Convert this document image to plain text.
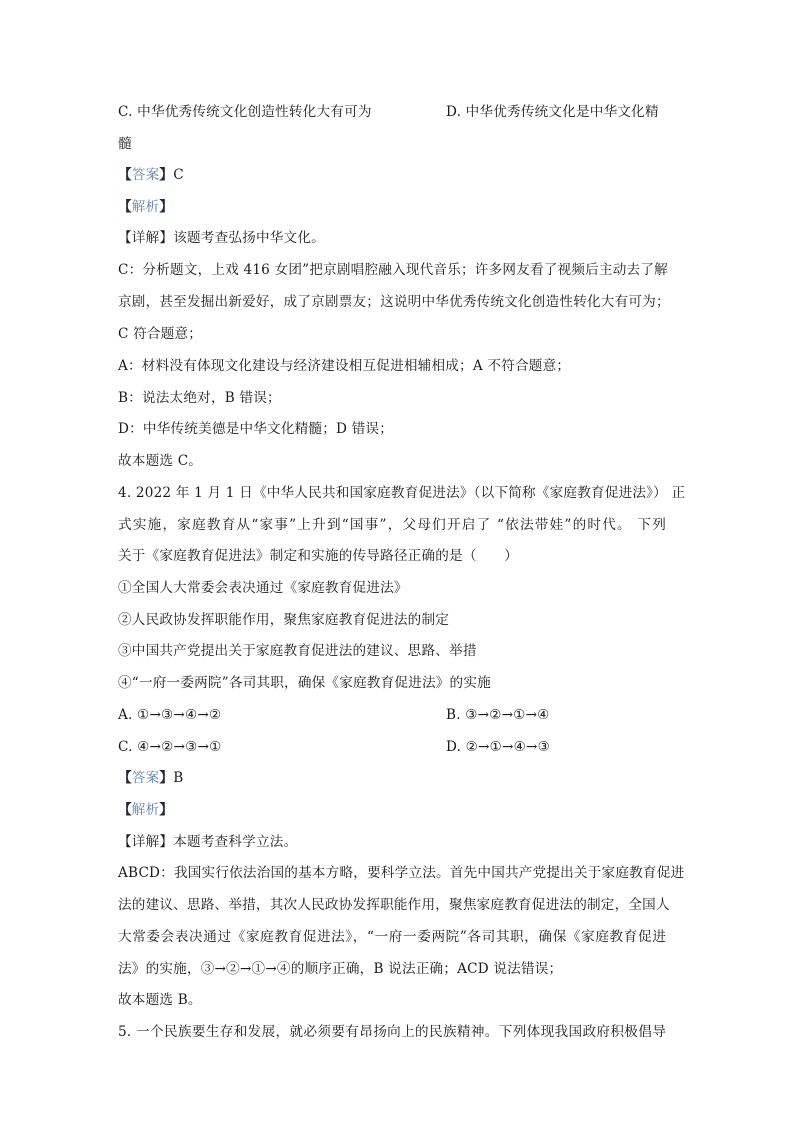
C. 中华优秀传统文化创造性转化大有可为	D. 中华优秀传统文化是中华文化精
髓
【答案】C
【解析】
【详解】该题考查弘扬中华文化。
C：分析题文，上戏 416 女团”把京剧唱腔融入现代音乐；许多网友看了视频后主动去了解
京剧，甚至发掘出新爱好，成了京剧票友；这说明中华优秀传统文化创造性转化大有可为；
C 符合题意；
A：材料没有体现文化建设与经济建设相互促进相辅相成；A 不符合题意；
B：说法太绝对，B 错误；
D：中华传统美德是中华文化精髓；D 错误；
故本题选 C。
4. 2022 年 1 月 1 日《中华人民共和国家庭教育促进法》（以下简称《家庭教育促进法》） 正
式实施，家庭教育从“家事”上升到“国事”，父母们开启了 “依法带娃”的时代。 下列
关于《家庭教育促进法》制定和实施的传导路径正确的是（　　）
①全国人大常委会表决通过《家庭教育促进法》
②人民政协发挥职能作用，聚焦家庭教育促进法的制定
③中国共产党提出关于家庭教育促进法的建议、思路、举措
④“一府一委两院”各司其职，确保《家庭教育促进法》的实施
A. ①→③→④→②	B. ③→②→①→④
C. ④→②→③→①	D. ②→①→④→③
【答案】B
【解析】
【详解】本题考查科学立法。
ABCD：我国实行依法治国的基本方略，要科学立法。首先中国共产党提出关于家庭教育促进
法的建议、思路、举措，其次人民政协发挥职能作用，聚焦家庭教育促进法的制定，全国人
大常委会表决通过《家庭教育促进法》，“一府一委两院”各司其职，确保《家庭教育促进
法》的实施，③→②→①→④的顺序正确，B 说法正确；ACD 说法错误；
故本题选 B。
5. 一个民族要生存和发展，就必须要有昂扬向上的民族精神。下列体现我国政府积极倡导
